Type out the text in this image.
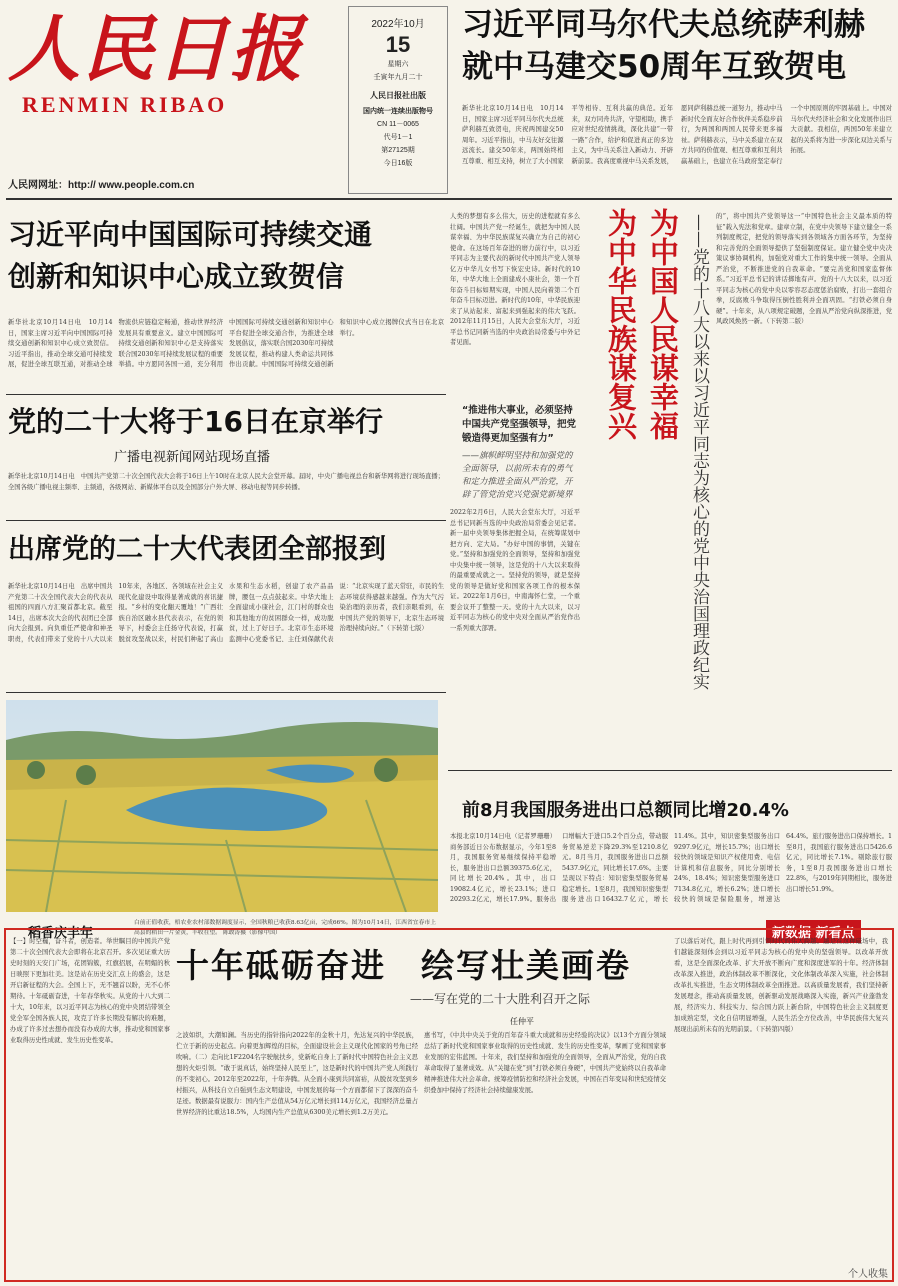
人民日报
RENMIN RIBAO
人民网网址：http:// www.people.com.cn
2022年10月
15
星期六
壬寅年九月二十
人民日报社出版
国内统一连续出版物号
CN 11－0065
代号1－1
第27125期
今日16版
习近平同马尔代夫总统萨利赫
就中马建交50周年互致贺电
新华社北京10月14日电　10月14日，国家主席习近平同马尔代夫总统萨利赫互致贺电，庆祝两国建交50周年。习近平指出，中马友好交往源远流长。建交50年来，两国始终相互尊重、相互支持，树立了大小国家平等相待、互利共赢的典范。近年来，双方同舟共济，守望相助，携手应对世纪疫情挑战，深化共建“一带一路”合作，给护和促进真正的多边主义，为中马关系注入新动力、开辟新前景。我高度重视中马关系发展，愿同萨利赫总统一道努力，推动中马新时代全面友好合作伙伴关系稳步前行，为两国和两国人民带来更多福祉。萨利赫表示，马中关系建立在双方共同的价值观、相互尊重和互利共赢基础上，也建立在马政府坚定奉行一个中国原则的牢固基础上。中国对马尔代夫经济社会和文化发展作出巨大贡献。我相信，两国50年来建立起的关系将为进一步深化双边关系与拓展。
习近平向中国国际可持续交通
创新和知识中心成立致贺信
新华社北京10月14日电　10月14日，国家主席习近平向中国国际可持续交通创新和知识中心成立致贺信。习近平指出，推动全球交通可持续发展，促进全球互联互通，对推动全球物流供应链稳定畅通，推动世界经济发展具有重要意义。建立中国国际可持续交通创新和知识中心是支持落实联合国2030年可持续发展议程的重要举措。中方愿同各国一道，充分利用中国国际可持续交通创新和知识中心平台促进全球交通合作，为推进全球发展倡议，落实联合国2030年可持续发展议程，推动构建人类命运共同体作出贡献。中国国际可持续交通创新和知识中心成立揭牌仪式当日在北京举行。
党的二十大将于16日在京举行
广播电视新闻网站现场直播
新华社北京10月14日电　中国共产党第二十次全国代表大会将于16日上午10时在北京人民大会堂开幕。届时，中央广播电视总台和新华网将进行现场直播；全国各级广播电视主频率、主频道，各级网站、新媒体平台以及全国部分户外大屏、移动电视等同步转播。
出席党的二十大代表团全部报到
新华社北京10月14日电　出席中国共产党第二十次全国代表大会的代表从祖国的四面八方汇聚首都北京。截至14日，出席本次大会的代表团已全部向大会报到。向负重任严使命和神圣职责，代表们带来了党的十八大以来10年来，各地区、各领域在社会主义现代化建设中取得显著成就的喜讯捷报。“乡村的变化翻天覆地！”广西壮族自治区融水县代表表示，在党的领导下，村委会主任扬守代表说，打赢脱贫攻坚战以来，村民们种起了高山水果和生态水稻，创建了农产品品牌，腰包一点点鼓起来。中华大地上全面建成小康社会，江门村的群众也和其他地方的贫困群众一样，成功脱贫，过上了好日子。北京市生态环境监测中心党委书记、主任刘保献代表说：“北京实现了蓝天常驻，市民的生态环境获得感越来越强。作为大气污染治理的亲历者，我们亲眼看到，在中国共产党的领导下，北京生态环境治理持续向好。”（下转第七版）
稻香庆丰年
白前正值收获，梧农业农村部数据调度显示，全国秋粮已收获8.63亿亩，完成66%。图为10月14日，江西省宜春市上高县的稻田一片金黄，丰收在望。 陈敢涛摄（影像中国）
人类的梦想有多么伟大，历史的进程就有多么壮阔。中国共产党一经诞生，就把为中国人民谋幸福、为中华民族谋复兴确立为自己的初心使命。在这场百年奋进的磨力前行中，以习近平同志为主要代表的新时代中国共产党人领导亿万中华儿女书写下恢宏史诗。新时代的10年，中华大地上全面建成小康社会，第一个百年奋斗目标如期实现，中国人民向着第二个百年奋斗目标迈进。新时代的10年，中华民族迎来了从站起来、富起来到强起来的伟大飞跃。2012年11月15日，人民大会堂东大厅，习近平总书记同新当选的中央政治局常委与中外记者见面。	为中国人民谋幸福
为中华民族谋复兴	——党的十八大以来以习近平同志为核心的党中央治国理政纪实	的”，将中国共产党领导这一“中国特色社会主义最本质的特征”载入宪法和党章。建章立制，在党中央领导下建立健全一系列制度规定，把党的领导落实到各领域各方面各环节，为坚持和完善党的全面领导提供了坚强制度保证。建立健全党中央决策议事协调机构，加强党对重大工作的集中统一领导。全面从严治党，不断推进党的自我革命。“要完善党和国家监督体系。”习近平总书记的讲话掷地有声。党的十八大以来，以习近平同志为核心的党中央以零容忍态度惩治腐败，打出一套组合拳，反腐败斗争取得压倒性胜利并全面巩固。“打铁必须自身硬”。十年来，从八项规定破题，全面从严治党向纵深推进，党风政风焕然一新。（下转第二版）
“推进伟大事业，必须坚持中国共产党坚强领导，把党锻造得更加坚强有力”
——旗帜鲜明坚持和加强党的全面领导，以前所未有的勇气和定力推进全面从严治党，开辟了管党治党兴党强党新境界
2022年2月6日，人民大会堂东大厅，习近平总书记同新当选的中央政治局常委会见记者。新一届中央领导集体把握全局，在统筹谋划中把方向、定大局。“办好中国的事情，关键在党。”坚持和加强党的全面领导，坚持和加强党中央集中统一领导，这是党的十八大以来取得的最重要成就之一。坚持党的领导，就是坚持党的领导是做好党和国家各项工作的根本保证。2022年1月6日，中南海怀仁堂，一个重要会议开了整整一天。党的十九大以来，以习近平同志为核心的党中央对全面从严治党作出一系列重大部署。
前8月我国服务进出口总额同比增20.4%
本报北京10月14日电（记者罗珊珊）商务部近日公布数据显示，今年1至8月，我国服务贸易继续保持平稳增长，服务进出口总额39375.6亿元，同比增长20.4%。其中，出口19082.4亿元，增长23.1%；进口20293.2亿元，增长17.9%。服务出口增幅大于进口5.2个百分点，带动服务贸易逆差下降29.3%至1210.8亿元。8月当月，我国服务进出口总额5437.9亿元，同比增长17.6%。主要呈现以下特点：知识密集型服务贸易稳定增长。1至8月，我国知识密集型服务进出口16432.7亿元，增长11.4%。其中，知识密集型服务出口9297.9亿元，增长15.7%；出口增长较快的领域是知识产权使用费、电信计算机和信息服务，同比分别增长24%、18.4%；知识密集型服务进口7134.8亿元，增长6.2%；进口增长较快的领域是保险服务，增速达64.4%。旅行服务进出口保持增长。1至8月，我国旅行服务进出口5426.6亿元，同比增长7.1%。剔除旅行服务，1至8月我国服务进出口增长22.8%，与2019年同期相比，服务进出口增长51.9%。
新数据 新看点
【一】时空巍，奋斗者，创造者。举世瞩目的中国共产党第二十次全国代表大会即将在北京召开。多次见证重大历史时刻的天安门广场，花团锦簇，红旗招展，在明媚的秋日映照下更加壮美。这是站在历史交汇点上的盛会，这是开启新征程的大会。全国上下，无不翘首以盼，无不心怀期待。十年砥砺奋进，十年春华秋实。从党的十八大到二十大，10年来，以习近平同志为核心的党中央团结带领全党全军全国各族人民，攻克了许多长期没有解决的难题，办成了许多过去想办而没有办成的大事，推动党和国家事业取得历史性成就、发生历史性变革。
十年砥砺奋进　绘写壮美画卷
——写在党的二十大胜利召开之际
任仲平
之波如织，大潮如澜。当历史的指针指向2022年的金秋十月，先达复兴的中华民族，伫立于新的历史起点。向着更加辉煌的目标，全面建设社会主义现代化国家的号角已经吹响。（二）走向比1F2204名字驶航扶乡，党新屹自身上了新时代中国特色社会主义思想的火炬引领。“敢于说真话，始终坚持人民至上”，这是新时代的中国共产党人所践行的不变初心。2012年至2022年，十年奔腾。从全面小康到共同富裕，从脱贫攻坚到乡村振兴，从科技自立自强到生态文明建设，中国发展的每一个方面都留下了深深的奋斗足迹。数据最有说服力：国内生产总值从54万亿元增长到114万亿元，我国经济总量占世界经济的比重达18.5%，人均国内生产总值从6300美元增长到1.2万美元。
惠书写，《中共中央关于党的百年奋斗重大成就和历史经验的决议》以13个方面分领域总结了新时代党和国家事业取得的历史性成就、发生的历史性变革，擘画了党和国家事业发展的宏伟蓝图。十年来，我们坚持和加强党的全面领导，全面从严治党，党的自我革命取得了显著成效。从“关键在党”到“打铁必须自身硬”，中国共产党始终以自我革命精神推进伟大社会革命。统筹疫情防控和经济社会发展，中国在百年变局和世纪疫情交织叠加中保持了经济社会持续健康发展。
了以落后对代，跟上时代再到引领时代的伟大跨越。越是在这种磁场中，我们越能深刻体会到以习近平同志为核心的党中央的坚强领导。以改革开放看，这是全面深化改革、扩大开放不断向广度和深度进军的十年。经济体制改革深入推进，政治体制改革不断深化，文化体制改革深入实施，社会体制改革扎实推进，生态文明体制改革全面推进。以高质量发展看，我们坚持新发展理念，推动高质量发展，创新驱动发展战略深入实施，新兴产业蓬勃发展，经济实力、科技实力、综合国力跃上新台阶，中国特色社会主义制度更加成熟定型，文化自信明显增强，人民生活全方位改善，中华民族伟大复兴展现出前所未有的光明前景。（下转第四版）
个人收集
